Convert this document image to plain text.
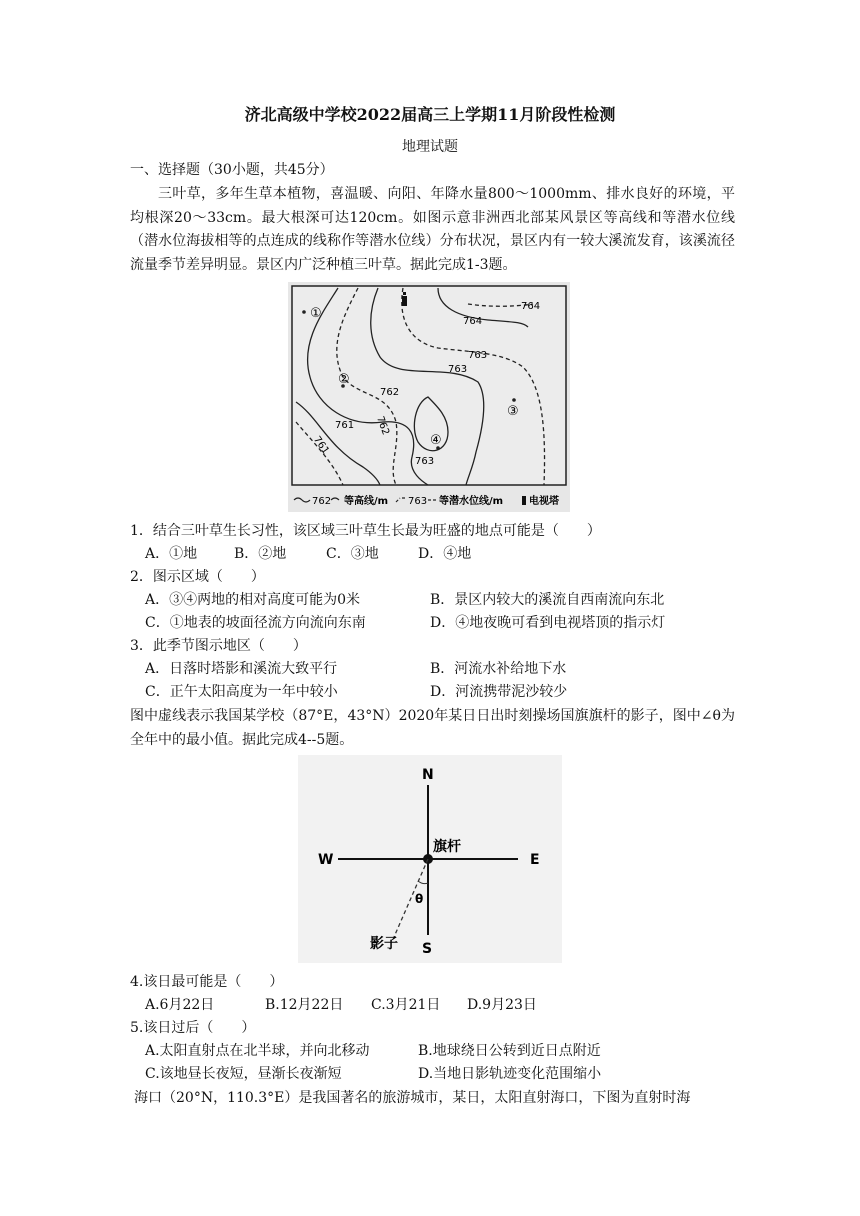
济北高级中学校2022届高三上学期11月阶段性检测
地理试题
一、选择题（30小题，共45分）
三叶草，多年生草本植物，喜温暖、向阳、年降水量800～1000mm、排水良好的环境，平均根深20～33cm。最大根深可达120cm。如图示意非洲西北部某风景区等高线和等潜水位线（潜水位海拔相等的点连成的线称作等潜水位线）分布状况，景区内有一较大溪流发育，该溪流径流量季节差异明显。景区内广泛种植三叶草。据此完成1-3题。
①
②
③
④
764
764
763
763
763
762
762
761
761
762 等高线/m 763 等潜水位线/m	电视塔
1．结合三叶草生长习性，该区域三叶草生长最为旺盛的地点可能是（　　）
A．①地	B．②地	C．③地	D．④地
2．图示区域（　　）
A．③④两地的相对高度可能为0米	B．景区内较大的溪流自西南流向东北
C．①地表的坡面径流方向流向东南	D．④地夜晚可看到电视塔顶的指示灯
3．此季节图示地区（　　）
A．日落时塔影和溪流大致平行	B．河流水补给地下水
C．正午太阳高度为一年中较小	D．河流携带泥沙较少
图中虚线表示我国某学校（87°E，43°N）2020年某日日出时刻操场国旗旗杆的影子，图中∠θ为全年中的最小值。据此完成4--5题。
N
S
W	E
旗杆
θ
影子
4.该日最可能是（　　）
A.6月22日	B.12月22日 C.3月21日 D.9月23日
5.该日过后（　　）
A.太阳直射点在北半球，并向北移动	B.地球绕日公转到近日点附近
C.该地昼长夜短，昼渐长夜渐短	D.当地日影轨迹变化范围缩小
海口（20°N，110.3°E）是我国著名的旅游城市，某日，太阳直射海口，下图为直射时海
